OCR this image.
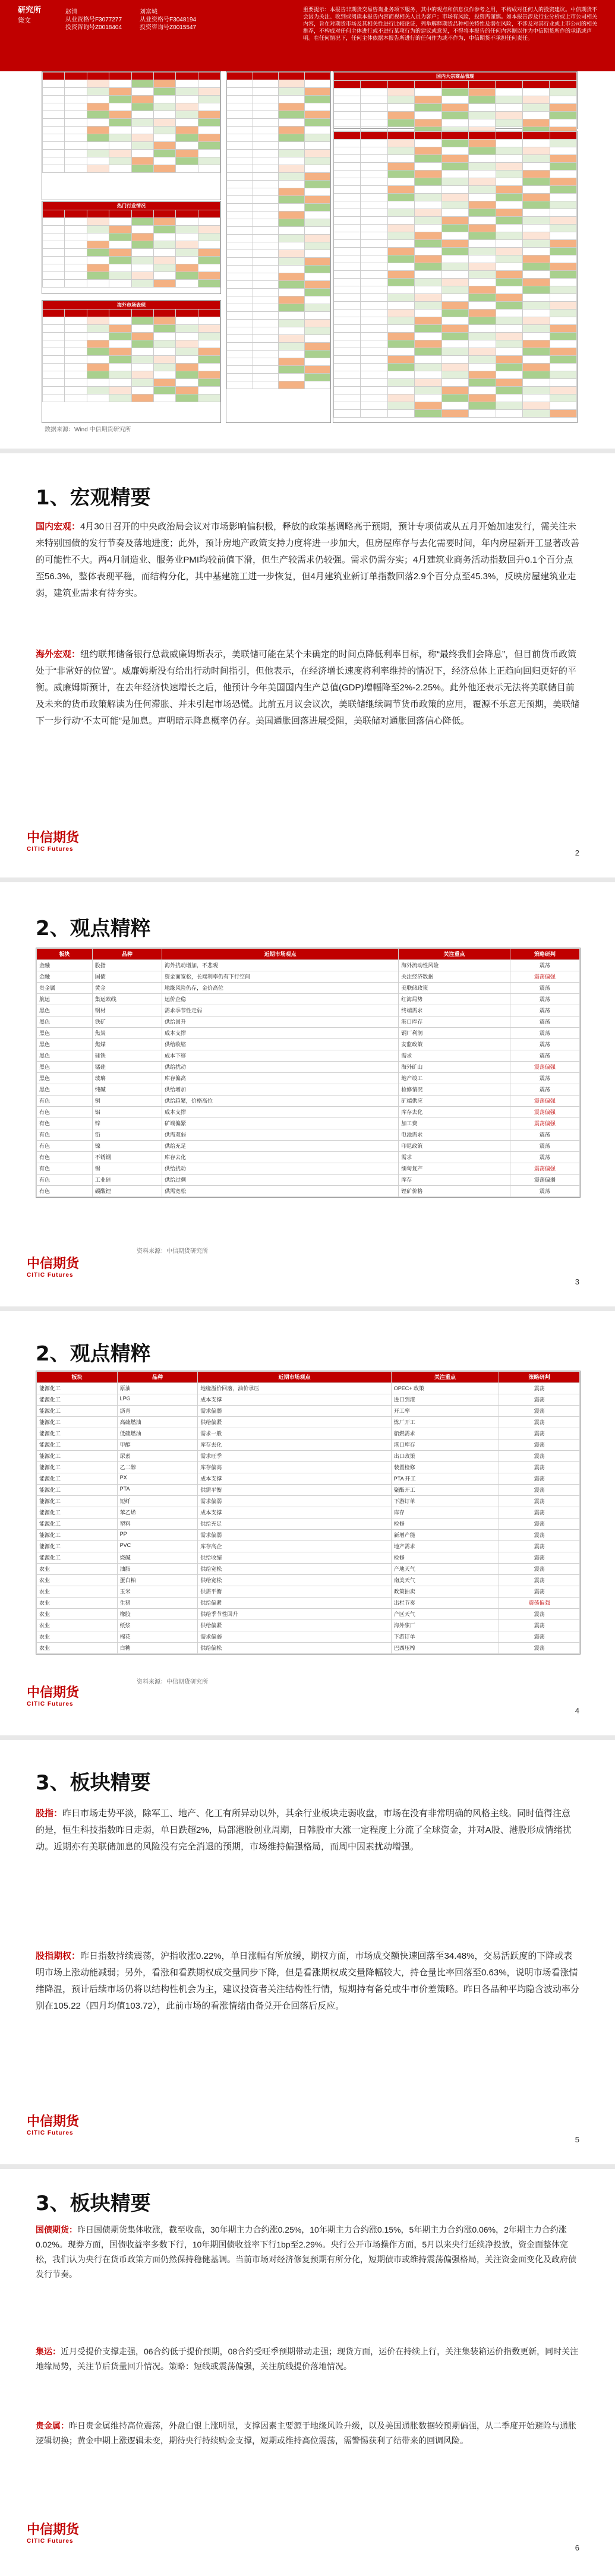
研究所
策文
赵清
从业资格号F3077277
投资咨询号Z0018404
刘富城
从业资格号F3048194
投资咨询号Z0015547
重要提示：本报告非期货交易咨询业务项下服务，其中的观点和信息仅作参考之用，不构成对任何人的投资建议。中信期货不会因为关注、收到或阅读本报告内容而视相关人员为客户；市场有风险，投资需谨慎。如本报告涉及行业分析或上市公司相关内容，旨在对期货市场及其相关性进行比较论证，列举解释期货品种相关特性及潜在风险，不涉及对其行业或上市公司的相关推荐，不构成对任何主体进行或不进行某项行为的建议或意见，不得将本报告的任何内容据以作为中信期货所作的承诺或声明。在任何情况下，任何主体依据本报告所进行的任何作为或不作为，中信期货不承担任何责任。

热门行业情况							

海外市场表现							

数据来源：Wind 中信期货研究所

国内大宗商品表现								

1、宏观精要
国内宏观：4月30日召开的中央政治局会议对市场影响偏积极，释放的政策基调略高于预期，预计专项债或从五月开始加速发行，需关注未来特别国债的发行节奏及落地进度；此外，预计房地产政策支持力度将进一步加大，但房屋库存与去化需要时间，年内房屋新开工显著改善的可能性不大。两4月制造业、服务业PMI均较前值下滑，但生产较需求仍较强。需求仍需夯实；4月建筑业商务活动指数回升0.1个百分点至56.3%，整体表现平稳，而结构分化，其中基建施工进一步恢复，但4月建筑业新订单指数回落2.9个百分点至45.3%，反映房屋建筑业走弱，建筑业需求有待夯实。
海外宏观：纽约联邦储备银行总裁威廉姆斯表示，美联储可能在某个未确定的时间点降低利率目标，称“最终我们会降息”，但目前货币政策处于“非常好的位置”。威廉姆斯没有给出行动时间指引，但他表示，在经济增长速度将利率维持的情况下，经济总体上正趋向回归更好的平衡。威廉姆斯预计，在去年经济快速增长之后，他预计今年美国国内生产总值(GDP)增幅降至2%-2.25%。此外他还表示无法将美联储目前及未来的货币政策解读为任何滞胀、并未引起市场恐慌。此前五月议会议次，美联储继续调节货币政策的应用，覆源不乐意无预期，美联储下一步行动“不太可能”是加息。声明暗示降息概率仍存。美国通胀回落进展受阻，美联储对通胀回落信心降低。
中信期货
CITIC Futures	2
2、观点精粹
板块	品种	近期市场观点	关注重点	策略研判
金融	股指	海外扰动增加，不悲观	海外流动性风险	震荡
金融	国债	资金面宽松，长端利率仍有下行空间	关注经济数据	震荡偏强
贵金属	黄金	地缘风险仍存，金价高位	美联储政策	震荡
航运	集运欧线	运价企稳	红海局势	震荡
黑色	钢材	需求季节性走弱	终端需求	震荡
黑色	铁矿	供给回升	港口库存	震荡
黑色	焦炭	成本支撑	钢厂利润	震荡
黑色	焦煤	供给收缩	安监政策	震荡
黑色	硅铁	成本下移	需求	震荡
黑色	锰硅	供给扰动	海外矿山	震荡偏强
黑色	玻璃	库存偏高	地产竣工	震荡
黑色	纯碱	供给增加	检修情况	震荡
有色	铜	供给趋紧，价格高位	矿端供应	震荡偏强
有色	铝	成本支撑	库存去化	震荡偏强
有色	锌	矿端偏紧	加工费	震荡偏强
有色	铅	供需双弱	电池需求	震荡
有色	镍	供给充足	印尼政策	震荡
有色	不锈钢	库存去化	需求	震荡
有色	锡	供给扰动	缅甸复产	震荡偏强
有色	工业硅	供给过剩	库存	震荡偏弱
有色	碳酸锂	供需宽松	锂矿价格	震荡
资料来源：中信期货研究所
中信期货
CITIC Futures
3
2、观点精粹
板块	品种	近期市场观点	关注重点	策略研判
能源化工	原油	地缘溢价回落，油价承压	OPEC+ 政策	震荡
能源化工	LPG	成本支撑	进口到港	震荡
能源化工	沥青	需求偏弱	开工率	震荡
能源化工	高硫燃油	供给偏紧	炼厂开工	震荡
能源化工	低硫燃油	需求一般	船燃需求	震荡
能源化工	甲醇	库存去化	港口库存	震荡
能源化工	尿素	需求旺季	出口政策	震荡
能源化工	乙二醇	库存偏高	装置检修	震荡
能源化工	PX	成本支撑	PTA 开工	震荡
能源化工	PTA	供需平衡	聚酯开工	震荡
能源化工	短纤	需求偏弱	下游订单	震荡
能源化工	苯乙烯	成本支撑	库存	震荡
能源化工	塑料	供给充足	检修	震荡
能源化工	PP	需求偏弱	新增产能	震荡
能源化工	PVC	库存高企	地产需求	震荡
能源化工	烧碱	供给收缩	检修	震荡
农业	油脂	供给宽松	产地天气	震荡
农业	蛋白粕	供给宽松	南美天气	震荡
农业	玉米	供需平衡	政策拍卖	震荡
农业	生猪	供给偏紧	出栏节奏	震荡偏强
农业	橡胶	供给季节性回升	产区天气	震荡
农业	纸浆	供给偏紧	海外浆厂	震荡
农业	棉花	需求偏弱	下游订单	震荡
农业	白糖	供给偏松	巴西压榨	震荡
资料来源：中信期货研究所
中信期货
CITIC Futures
4
3、板块精要
股指：昨日市场走势平淡，除军工、地产、化工有所异动以外，其余行业板块走弱收盘，市场在没有非常明确的风格主线。同时值得注意的是，恒生科技指数昨日走弱，单日跌超2%，局部港股创业周期，日韩股市大涨一定程度上分流了全球资金，并对A股、港股形成情绪扰动。近期亦有美联储加息的风险没有完全消退的预期，市场维持偏强格局，而周中因素扰动增强。
股指期权：昨日指数持续震荡，沪指收涨0.22%，单日涨幅有所放缓，期权方面，市场成交额快速回落至34.48%，交易活跃度的下降或表明市场上涨动能减弱；另外，看涨和看跌期权成交量同步下降，但是看涨期权成交量降幅较大，持仓量比率回落至0.63%，说明市场看涨情绪降温，预计后续市场仍将以结构性机会为主，建议投资者关注结构性行情，短期持有备兑或牛市价差策略。昨日各品种平均隐含波动率分别在105.22（四月均值103.72），此前市场的看涨情绪由备兑开仓回落后反应。
中信期货
CITIC Futures
5
3、板块精要
国债期货：昨日国债期货集体收涨，截至收盘，30年期主力合约涨0.25%，10年期主力合约涨0.15%，5年期主力合约涨0.06%，2年期主力合约涨0.02%。现券方面，国债收益率多数下行，10年期国债收益率下行1bp至2.29%。央行公开市场操作方面，5月以来央行延续净投放，资金面整体宽松，我们认为央行在货币政策方面仍然保持稳健基调。当前市场对经济修复预期有所分化，短期债市或维持震荡偏强格局，关注资金面变化及政府债发行节奏。
集运：近月受提价支撑走强，06合约低于提价预期，08合约受旺季预期带动走强；现货方面，运价在持续上行，关注集装箱运价指数更新，同时关注地缘局势，关注节后货量回升情况。策略：短线或震荡偏强，关注航线提价落地情况。
贵金属：昨日贵金属维持高位震荡，外盘白银上涨明显，支撑因素主要源于地缘风险升级，以及美国通胀数据较预期偏强，从二季度开始避险与通胀逻辑切换；黄金中期上涨逻辑未变，期待央行持续购金支撑，短期或维持高位震荡，需警惕获利了结带来的回调风险。
中信期货
CITIC Futures
6
